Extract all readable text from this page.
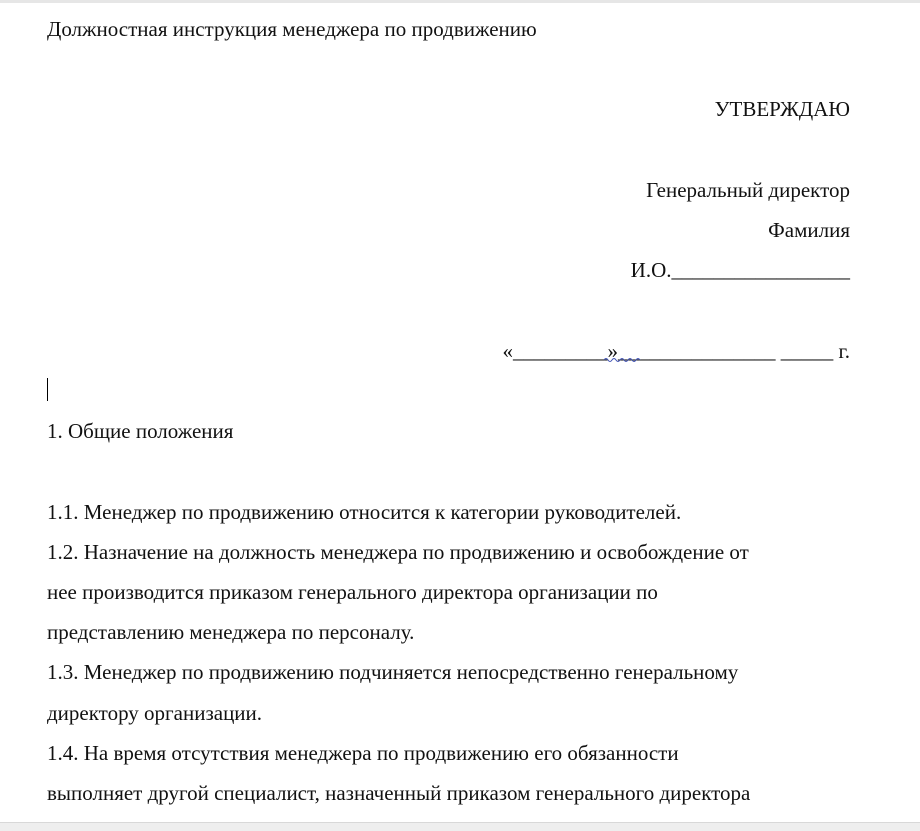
Должностная инструкция менеджера по продвижению
УТВЕРЖДАЮ
Генеральный директор
Фамилия
И.О._________________
«_________»_______________ _____ г.
1. Общие положения
1.1. Менеджер по продвижению относится к категории руководителей.
1.2. Назначение на должность менеджера по продвижению и освобождение от
нее производится приказом генерального директора организации по
представлению менеджера по персоналу.
1.3. Менеджер по продвижению подчиняется непосредственно генеральному
директору организации.
1.4. На время отсутствия менеджера по продвижению его обязанности
выполняет другой специалист, назначенный приказом генерального директора
